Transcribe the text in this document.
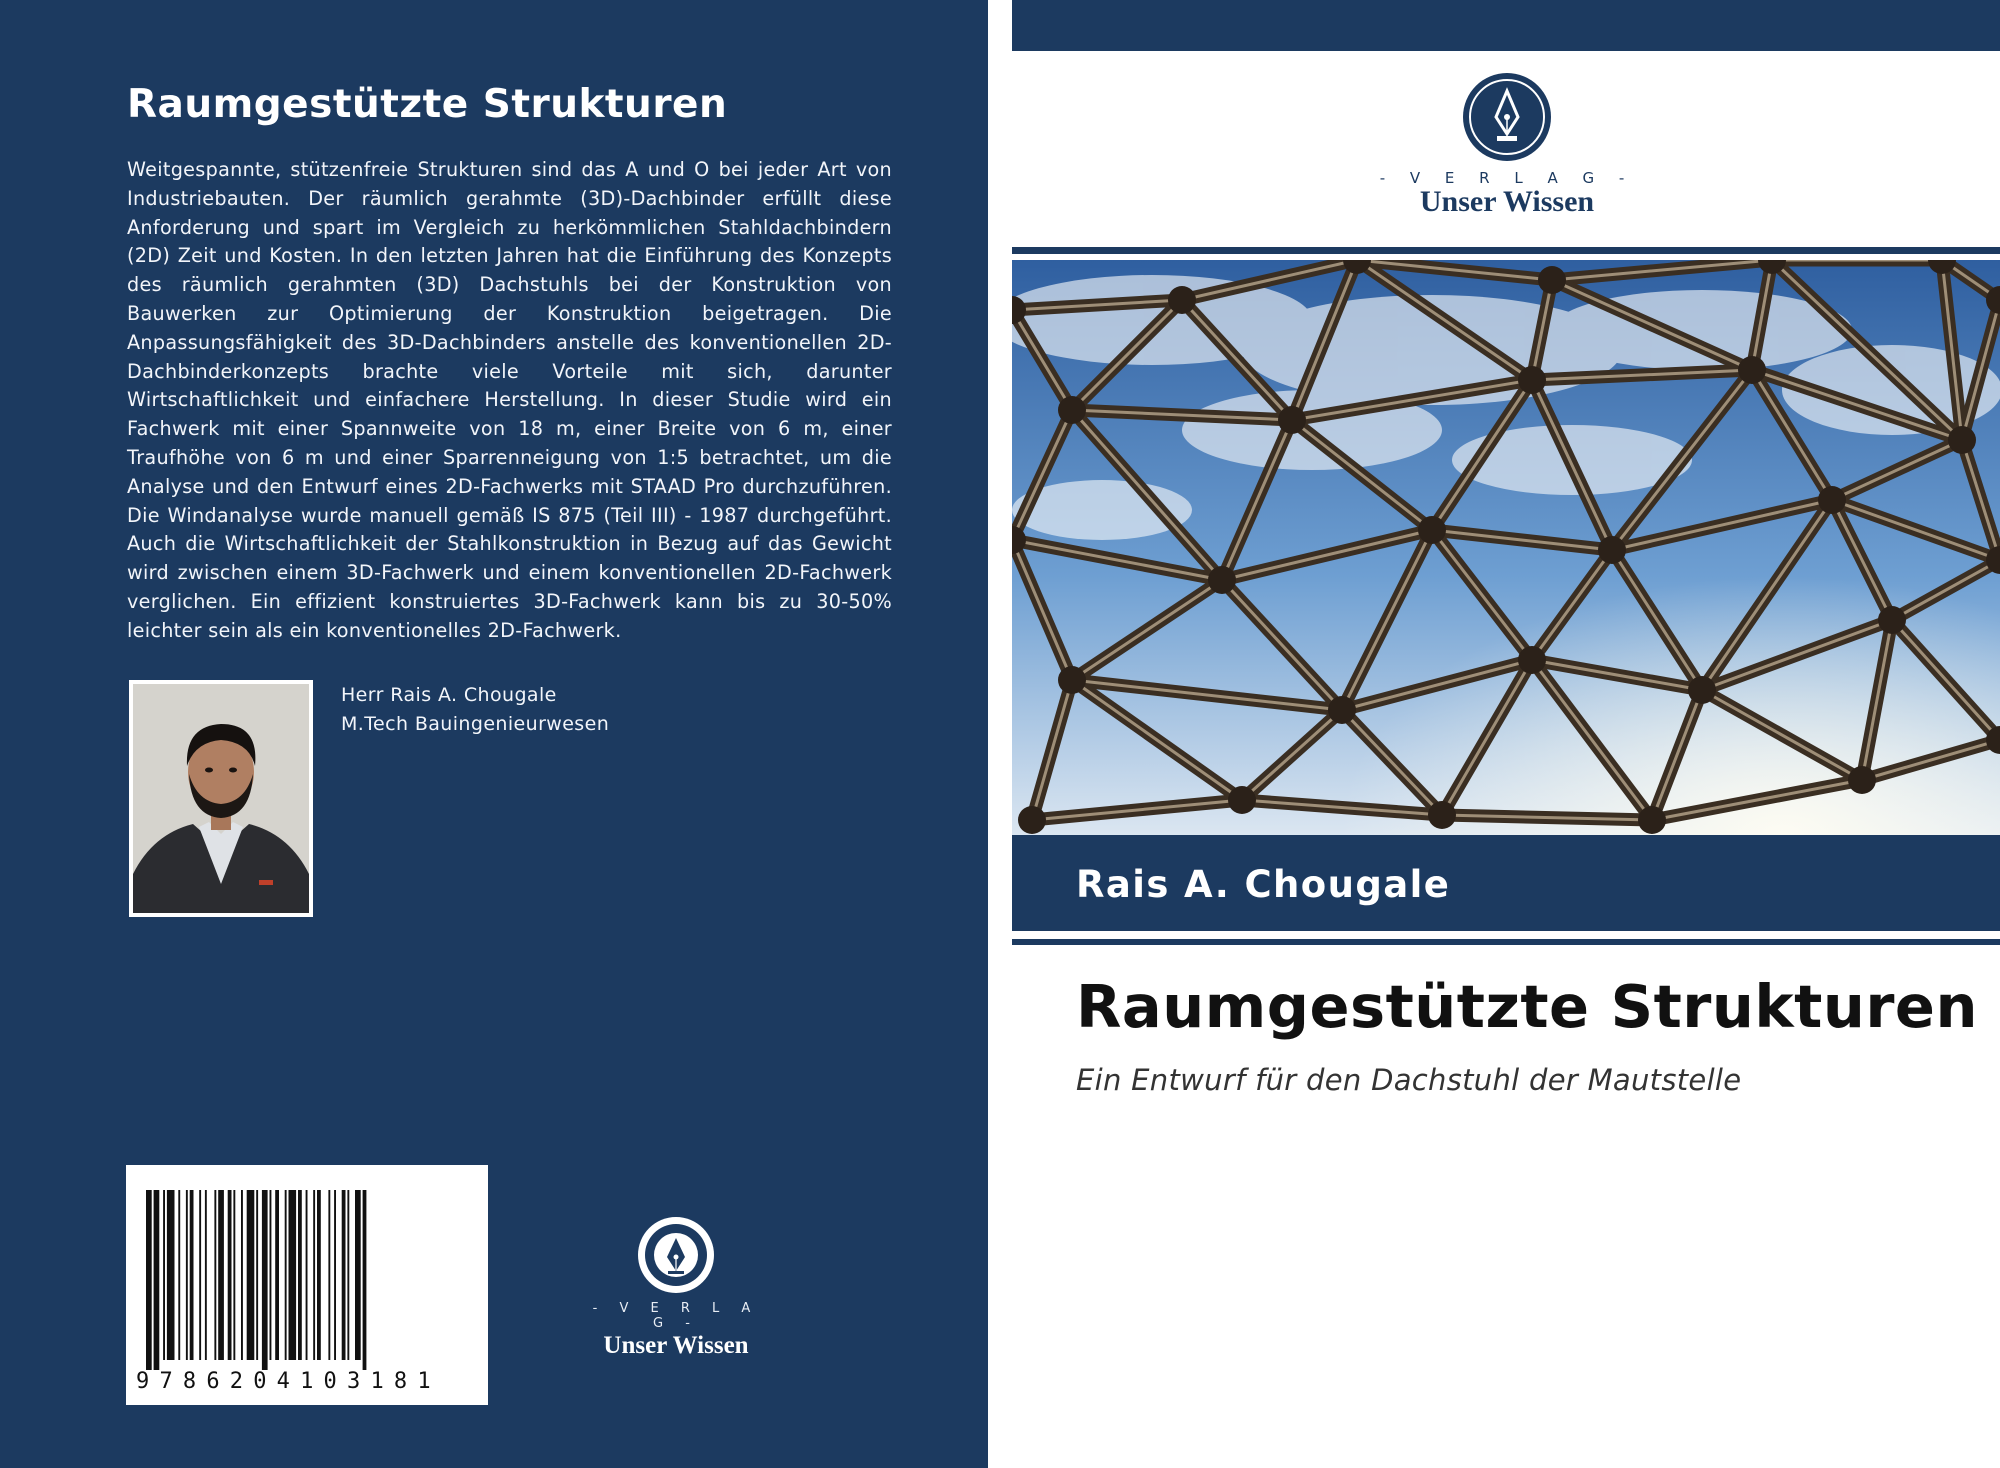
Raumgestützte Strukturen

Weitgespannte, stützenfreie Strukturen sind das A und O bei jeder Art von Industriebauten. Der räumlich gerahmte (3D)-Dachbinder erfüllt diese Anforderung und spart im Vergleich zu herkömmlichen Stahldachbindern (2D) Zeit und Kosten. In den letzten Jahren hat die Einführung des Konzepts des räumlich gerahmten (3D) Dachstuhls bei der Konstruktion von Bauwerken zur Optimierung der Konstruktion beigetragen. Die Anpassungsfähigkeit des 3D-Dachbinders anstelle des konventionellen 2D-Dachbinderkonzepts brachte viele Vorteile mit sich, darunter Wirtschaftlichkeit und einfachere Herstellung. In dieser Studie wird ein Fachwerk mit einer Spannweite von 18 m, einer Breite von 6 m, einer Traufhöhe von 6 m und einer Sparrenneigung von 1:5 betrachtet, um die Analyse und den Entwurf eines 2D-Fachwerks mit STAAD Pro durchzuführen. Die Windanalyse wurde manuell gemäß IS 875 (Teil III) - 1987 durchgeführt. Auch die Wirtschaftlichkeit der Stahlkonstruktion in Bezug auf das Gewicht wird zwischen einem 3D-Fachwerk und einem konventionellen 2D-Fachwerk verglichen. Ein effizient konstruiertes 3D-Fachwerk kann bis zu 30-50% leichter sein als ein konventionelles 2D-Fachwerk.

Herr Rais A. Chougale
M.Tech Bauingenieurwesen
9786204103181
- V E R L A G -
Unser Wissen
- V E R L A G -
Unser Wissen
Rais A. Chougale
Raumgestützte Strukturen
Ein Entwurf für den Dachstuhl der Mautstelle
